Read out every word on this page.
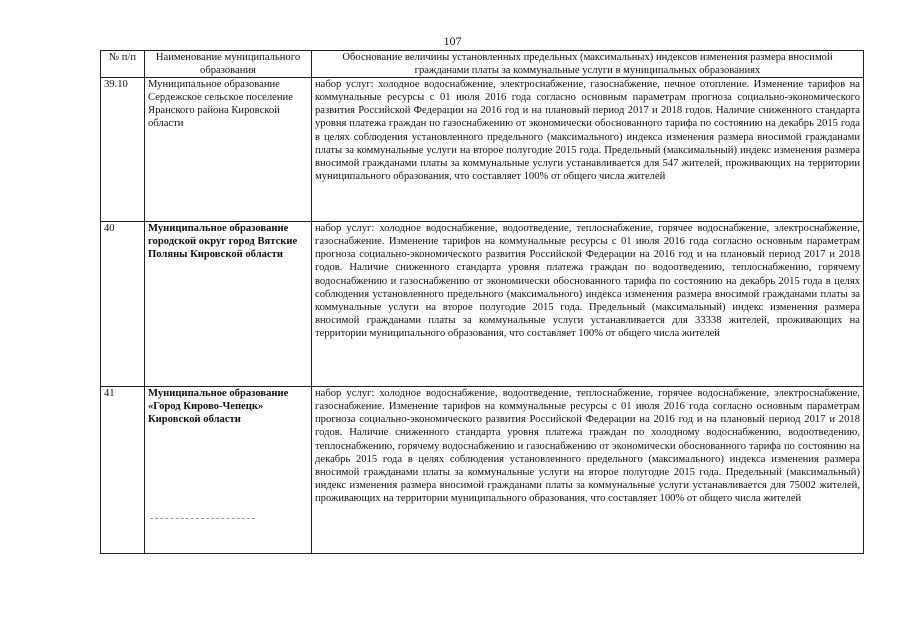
107
№ п/п	Наименование муниципального образования	Обоснование величины установленных предельных (максимальных) индексов изменения размера вносимой гражданами платы за коммунальные услуги в муниципальных образованиях
39.10	Муниципальное образование Сердежское сельское поселение Яранского района Кировской области	набор услуг: холодное водоснабжение, электроснабжение, газоснабжение, печное отопление. Изменение тарифов на коммунальные ресурсы с 01 июля 2016 года согласно основным параметрам прогноза социально-экономического развития Российской Федерации на 2016 год и на плановый период 2017 и 2018 годов. Наличие сниженного стандарта уровня платежа граждан по газоснабжению от экономически обоснованного тарифа по состоянию на декабрь 2015 года в целях соблюдения установленного предельного (максимального) индекса изменения размера вносимой гражданами платы за коммунальные услуги на второе полугодие 2015 года. Предельный (максимальный) индекс изменения размера вносимой гражданами платы за коммунальные услуги устанавливается для 547 жителей, проживающих на территории муниципального образования, что составляет 100% от общего числа жителей
40	Муниципальное образование городской округ город Вятские Поляны Кировской области	набор услуг: холодное водоснабжение, водоотведение, теплоснабжение, горячее водоснабжение, электроснабжение, газоснабжение. Изменение тарифов на коммунальные ресурсы с 01 июля 2016 года согласно основным параметрам прогноза социально-экономического развития Российской Федерации на 2016 год и на плановый период 2017 и 2018 годов. Наличие сниженного стандарта уровня платежа граждан по водоотведению, теплоснабжению, горячему водоснабжению и газоснабжению от экономически обоснованного тарифа по состоянию на декабрь 2015 года в целях соблюдения установленного предельного (максимального) индекса изменения размера вносимой гражданами платы за коммунальные услуги на второе полугодие 2015 года. Предельный (максимальный) индекс изменения размера вносимой гражданами платы за коммунальные услуги устанавливается для 33338 жителей, проживающих на территории муниципального образования, что составляет 100% от общего числа жителей
41	Муниципальное образование «Город Кирово-Чепецк» Кировской области	набор услуг: холодное водоснабжение, водоотведение, теплоснабжение, горячее водоснабжение, электроснабжение, газоснабжение. Изменение тарифов на коммунальные ресурсы с 01 июля 2016 года согласно основным параметрам прогноза социально-экономического развития Российской Федерации на 2016 год и на плановый период 2017 и 2018 годов. Наличие сниженного стандарта уровня платежа граждан по холодному водоснабжению, водоотведению, теплоснабжению, горячему водоснабжению и газоснабжению от экономически обоснованного тарифа по состоянию на декабрь 2015 года в целях соблюдения установленного предельного (максимального) индекса изменения размера вносимой гражданами платы за коммунальные услуги на второе полугодие 2015 года. Предельный (максимальный) индекс изменения размера вносимой гражданами платы за коммунальные услуги устанавливается для 75002 жителей, проживающих на территории муниципального образования, что составляет 100% от общего числа жителей
